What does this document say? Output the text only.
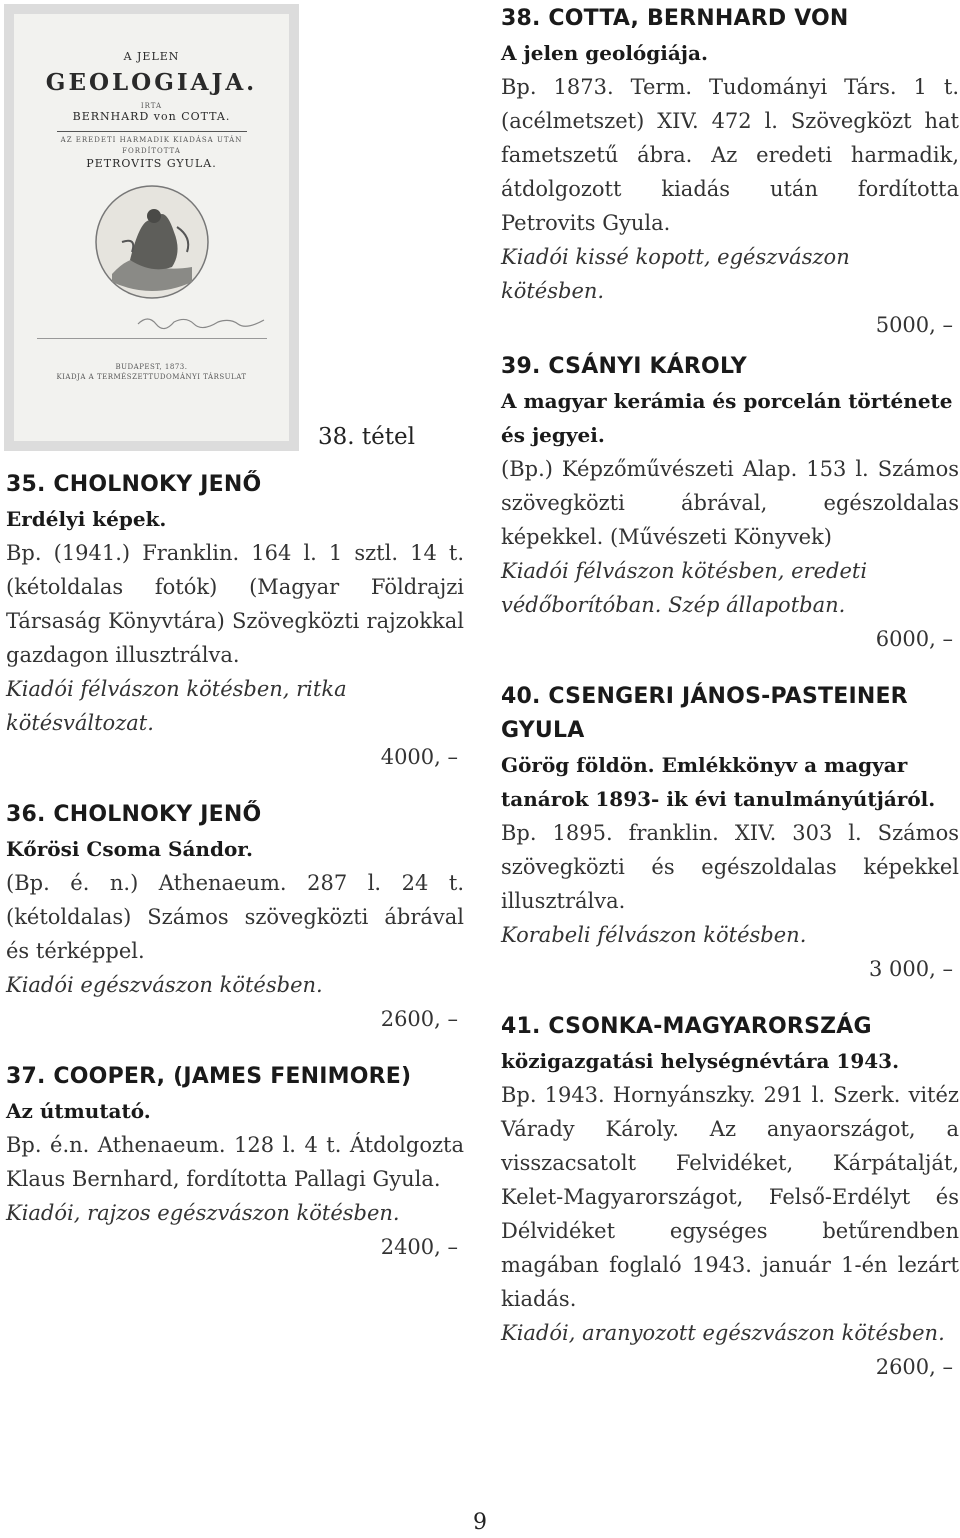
A JELEN
GEOLOGIAJA.
IRTA
BERNHARD von COTTA.
AZ EREDETI HARMADIK KIADÁSA UTÁN
FORDÍTOTTA
PETROVITS GYULA.
BUDAPEST, 1873.
KIADJA A TERMÉSZETTUDOMÁNYI TÁRSULAT
38. tétel
35. CHOLNOKY JENŐ
Erdélyi képek.
Bp. (1941.) Franklin. 164 l. 1 sztl. 14 t. (kétoldalas fotók) (Magyar Földrajzi Társaság Könyvtára) Szövegközti rajzokkal gazdagon illusztrálva.
Kiadói félvászon kötésben, ritka kötésváltozat.
4000, –
36. CHOLNOKY JENŐ
Kőrösi Csoma Sándor.
(Bp. é. n.) Athenaeum. 287 l. 24 t. (kétoldalas) Számos szövegközti ábrával és térképpel.
Kiadói egészvászon kötésben.
2600, –
37. COOPER, (JAMES FENIMORE)
Az útmutató.
Bp. é.n. Athenaeum. 128 l. 4 t. Átdolgozta Klaus Bernhard, fordította Pallagi Gyula.
Kiadói, rajzos egészvászon kötésben.
2400, –
38. COTTA, BERNHARD VON
A jelen geológiája.
Bp. 1873. Term. Tudományi Társ. 1 t. (acélmetszet) XIV. 472 l. Szövegközt hat fametszetű ábra. Az eredeti harmadik, átdolgozott kiadás után fordította Petrovits Gyula.
Kiadói kissé kopott, egészvászon kötésben.
5000, –
39. CSÁNYI KÁROLY
A magyar kerámia és porcelán története és jegyei.
(Bp.) Képzőművészeti Alap. 153 l. Számos szövegközti ábrával, egészoldalas képekkel. (Művészeti Könyvek)
Kiadói félvászon kötésben, eredeti védőborítóban. Szép állapotban.
6000, –
40. CSENGERI JÁNOS-PASTEINER GYULA
Görög földön. Emlékkönyv a magyar tanárok 1893- ik évi tanulmányútjáról.
Bp. 1895. franklin. XIV. 303 l. Számos szövegközti és egészoldalas képekkel illusztrálva.
Korabeli félvászon kötésben.
3 000, –
41. CSONKA-MAGYARORSZÁG
közigazgatási helységnévtára 1943.
Bp. 1943. Hornyánszky. 291 l. Szerk. vitéz Várady Károly. Az anyaországot, a visszacsatolt Felvidéket, Kárpátalját, Kelet-Magyarországot, Felső-Erdélyt és Délvidéket egységes betűrendben magában foglaló 1943. január 1-én lezárt kiadás.
Kiadói, aranyozott egészvászon kötésben.
2600, –
9
